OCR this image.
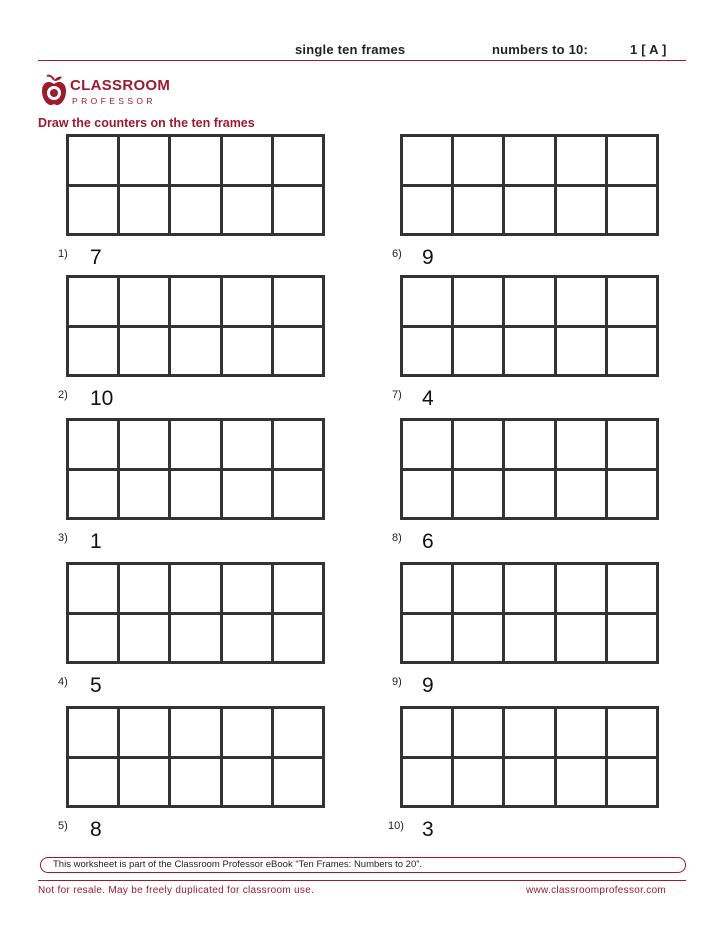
single ten frames	numbers to 10:	1 [ A ]
CLASSROOM
PROFESSOR
Draw the counters on the ten frames
1) 7
2) 10
3) 1
4) 5
5) 8
6) 9
7) 4
8) 6
9) 9
10) 3
This worksheet is part of the Classroom Professor eBook “Ten Frames: Numbers to 20”.
Not for resale. May be freely duplicated for classroom use.	www.classroomprofessor.com
